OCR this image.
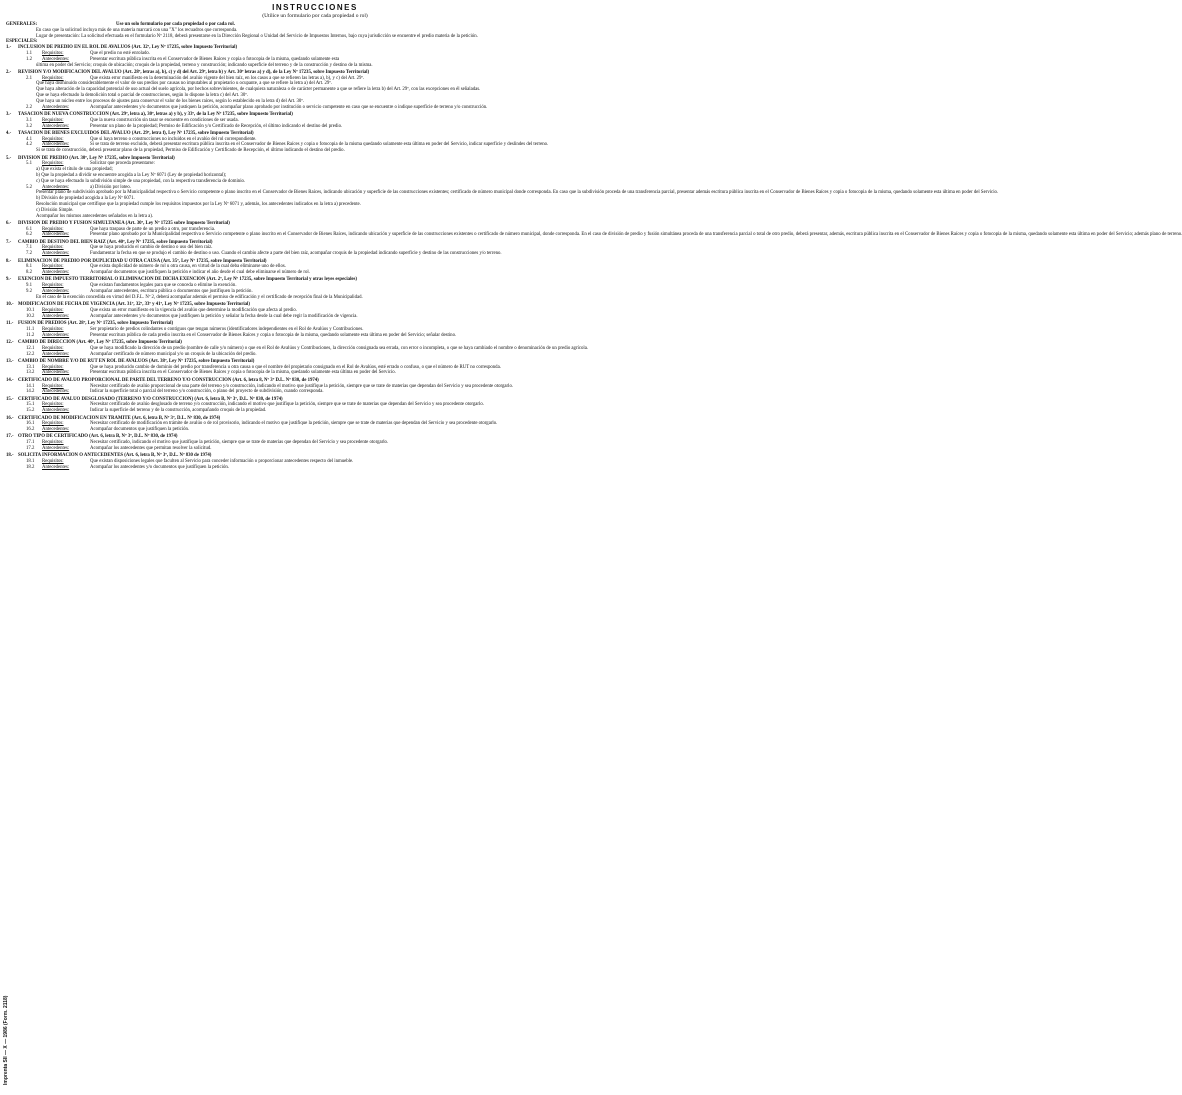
INSTRUCCIONES
(Utilice un formulario por cada propiedad o rol)
GENERALES:	Use un solo formulario por cada propiedad o por cada rol.
En caso que la solicitud incluya más de una materia marcará con una "X" los recuadros que corresponda.
Lugar de presentación: La solicitud efectuada en el formulario Nº 2118, deberá presentarse en la Dirección Regional o Unidad del Servicio de Impuestos Internos, bajo cuya jurisdicción se encuentre el predio materia de la petición.
ESPECIALES:
1.- INCLUSION DE PREDIO EN EL ROL DE AVALUOS (Art. 32º, Ley Nº 17235, sobre Impuesto Territorial)
1.1 Requisitos:	Que el predio no esté enrolado.
1.2 Antecedentes:	Presentar escritura pública inscrita en el Conservador de Bienes Raíces y copia o fotocopia de la misma, quedando solamente esta
última en poder del Servicio; croquis de ubicación; croquis de la propiedad, terreno y construcción; indicando superficie del terreno y de la construcción y destino de la misma.
2.- REVISION Y/O MODIFICACION DEL AVALUO (Art. 28º, letras a), b), c) y d) del Art. 29º, letra b) y Art. 30º letras a) y d), de la Ley Nº 17235, sobre Impuesto Territorial)
2.1 Requisitos:	Que exista error manifiesto en la determinación del avalúo vigente del bien raíz, en los casos a que se refieren las letras a), b), y c) del Art. 29º.
Que haya disminuido considerablemente el valor de sus predios por causas no imputables al propietario u ocupante, a que se refiere la letra a) del Art. 29º.
Que haya alteración de la capacidad potencial de uso actual del suelo agrícola, por hechos sobrevinientes, de cualquiera naturaleza o de carácter permanente a que se refiere la letra b) del Art. 29º, con las excepciones en él señaladas.
Que se haya efectuado la demolición total o parcial de construcciones, según lo dispone la letra c) del Art. 30º.
Que haya un núcleo entre los procesos de ajustes para conservar el valor de los bienes raíces, según lo establecido en la letra d) del Art. 30º.
2.2 Antecedentes:	Acompañar antecedentes y/o documentos que justiquen la petición, acompañar plano aprobado por institución o servicio competente en caso que se encuentre o indique superficie de terreno y/o construcción.
3.- TASACION DE NUEVA CONSTRUCCION (Art. 29º, letra a), 30º, letras a) y b), y 33º, de la Ley Nº 17235, sobre Impuesto Territorial)
3.1 Requisitos:	Que la nueva construcción sin tasar se encuentre en condiciones de ser usada.
3.2 Antecedentes:	Presentar un plano de la propiedad; Permiso de Edificación y/o Certificado de Recepción, el último indicando el destino del predio.
4.- TASACION DE BIENES EXCLUIDOS DEL AVALUO (Art. 29º, letra f), Ley Nº 17235, sobre Impuesto Territorial)
4.1 Requisitos:	Que si haya terreno o construcciones no incluidos en el avalúo del rol correspondiente.
4.2 Antecedentes:	Si se trata de terreno excluido, deberá presentar escritura pública inscrita en el Conservador de Bienes Raíces y copia o fotocopia de la misma quedando solamente esta última en poder del Servicio, indicar superficie y deslindes del terreno.
Si se trata de construcción, deberá presentar plano de la propiedad, Permiso de Edificación y Certificado de Recepción, el último indicando el destino del predio.
5.- DIVISION DE PREDIO (Art. 30º, Ley Nº 17235, sobre Impuesto Territorial)
5.1 Requisitos:	Solicitar que proceda presentarse:
a) Que exista el título de una propiedad;
b) Que la propiedad a dividir se encuentre acogida a la Ley Nº 6071 (Ley de propiedad horizontal);
c) Que se haya efectuado la subdivisión simple de una propiedad, con la respectiva transferencia de dominio.
5.2 Antecedentes:	a) División por loteo.
Presentar plano de subdivisión aprobado por la Municipalidad respectiva o Servicio competente o plano inscrito en el Conservador de Bienes Raíces, indicando ubicación y superficie de las construcciones existentes; certificado de número municipal donde corresponda. En caso que la subdivisión proceda de una transferencia parcial, presentar además escritura pública inscrita en el Conservador de Bienes Raíces y copia o fotocopia de la misma, quedando solamente esta última en poder del Servicio.
b) División de propiedad acogida a la Ley Nº 6071.
Resolución municipal que certifique que la propiedad cumple los requisitos impuestos por la Ley Nº 6071 y, además, los antecedentes indicados en la letra a) precedente.
c) División Simple.
Acompañar los mismos antecedentes señalados en la letra a).
6.- DIVISION DE PREDIO Y FUSION SIMULTANEA (Art. 30º, Ley Nº 17235 sobre Impuesto Territorial)
6.1 Requisitos:	Que haya traspaso de parte de un predio a otro, por transferencia.
6.2 Antecedentes:	Presentar plano aprobado por la Municipalidad respectiva o Servicio competente o plano inscrito en el Conservador de Bienes Raíces, indicando ubicación y superficie de las construcciones existentes o certificado de número municipal, donde corresponda. En el caso de división de predio y fusión simultánea proceda de una transferencia parcial o total de otro predio, deberá presentar, además, escritura pública inscrita en el Conservador de Bienes Raíces y copia o fotocopia de la misma, quedando solamente esta última en poder del Servicio; además plano de terreno.
7.- CAMBIO DE DESTINO DEL BIEN RAIZ (Art. 40º, Ley Nº 17235, sobre Impuesto Territorial)
7.1 Requisitos:	Que se haya producido el cambio de destino o uso del bien raíz.
7.2 Antecedentes:	Fundamentar la fecha en que se produjo el cambio de destino o uso. Cuando el cambio afecte a parte del bien raíz, acompañar croquis de la propiedad indicando superficie y destino de las construcciones y/o terreno.
8.- ELIMINACION DE PREDIO POR DUPLICIDAD U OTRA CAUSA (Art. 35º, Ley Nº 17235, sobre Impuesto Territorial)
8.1 Requisitos:	Que exista duplicidad de número de rol u otra causa, en virtud de la cual deba eliminarse uno de ellos.
8.2 Antecedentes:	Acompañar documentos que justifiquen la petición e indicar el año desde el cual debe eliminarse el número de rol.
9.- EXENCION DE IMPUESTO TERRITORIAL O ELIMINACION DE DICHA EXENCION (Art. 2º, Ley Nº 17235, sobre Impuesto Territorial y otras leyes especiales)
9.1 Requisitos:	Que existan fundamentos legales para que se conceda o elimine la exención.
9.2 Antecedentes:	Acompañar antecedentes, escritura pública o documentos que justifiquen la petición.
En el caso de la exención concedida en virtud del D.F.L. Nº 2, deberá acompañar además el permiso de edificación y el certificado de recepción final de la Municipalidad.
10.- MODIFICACION DE FECHA DE VIGENCIA (Art. 31º, 32º, 33º y 41º, Ley Nº 17235, sobre Impuesto Territorial)
10.1 Requisitos:	Que exista un error manifiesto en la vigencia del avalúo que determine la modificación que afecta al predio.
10.2 Antecedentes:	Acompañar antecedentes y/o documentos que justifiquen la petición y señalar la fecha desde la cual debe regir la modificación de vigencia.
11.- FUSION DE PREDIOS (Art. 28º, Ley Nº 17235, sobre Impuesto Territorial)
11.1 Requisitos:	Ser propietario de predios colindantes o contiguos que tengan números (identificadores independientes en el Rol de Avalúos y Contribuciones.
11.2 Antecedentes:	Presentar escritura pública de cada predio inscrita en el Conservador de Bienes Raíces y copia o fotocopia de la misma, quedando solamente esta última en poder del Servicio; señalar destino.
12.- CAMBIO DE DIRECCION (Art. 40º, Ley Nº 17235, sobre Impuesto Territorial)
12.1 Requisitos:	Que se haya modificado la dirección de un predio (nombre de calle y/o número) o que en el Rol de Avalúos y Contribuciones, la dirección consignada sea errada, con error o incompleta, o que se haya cambiado el nombre o denominación de un predio agrícola.
12.2 Antecedentes:	Acompañar certificado de número municipal y/o un croquis de la ubicación del predio.
13.- CAMBIO DE NOMBRE Y/O DE RUT EN ROL DE AVALUOS (Art. 38º, Ley Nº 17235, sobre Impuesto Territorial)
13.1 Requisitos:	Que se haya producido cambio de dominio del predio por transferencia u otra causa o que el nombre del propietario consignado en el Rol de Avalúos, esté errado o confuso, o que el número de RUT no corresponda.
13.2 Antecedentes:	Presentar escritura pública inscrita en el Conservador de Bienes Raíces y copia o fotocopia de la misma, quedando solamente esta última en poder del Servicio.
14.- CERTIFICADO DE AVALUO PROPORCIONAL DE PARTE DEL TERRENO Y/O CONSTRUCCION (Art. 6, letra 8, Nº 3º D.L. Nº 830, de 1974)
14.1 Requisitos:	Necesitar certificado de avalúo proporcional de una parte del terreno y/o construcción, indicando el motivo que justifique la petición, siempre que se trate de materias que dependan del Servicio y sea procedente otorgarlo.
14.2 Antecedentes:	Indicar la superficie total o parcial del terreno y/o construcción, o plano del proyecto de subdivisión, cuando corresponda.
15.- CERTIFICADO DE AVALUO DESGLOSADO (TERRENO Y/O CONSTRUCCION) (Art. 6, letra B, Nº 3º, D.L. Nº 830, de 1974)
15.1 Requisitos:	Necesitar certificado de avalúo desglosado de terreno y/o construcción, indicando el motivo que justifique la petición, siempre que se trate de materias que dependan del Servicio y sea procedente otorgarlo.
15.2 Antecedentes:	Indicar la superficie del terreno y de la construcción, acompañando croquis de la propiedad.
16.- CERTIFICADO DE MODIFICACION EN TRAMITE (Art. 6, letra B, Nº 3º, D.L. Nº 830, de 1974)
16.1 Requisitos:	Necesitar certificado de modificación en trámite de avalúo o de rol provisorio, indicando el motivo que justifique la petición, siempre que se trate de materias que dependan del Servicio y sea procedente otorgarlo.
16.2 Antecedentes:	Acompañar documentos que justifiquen la petición.
17.- OTRO TIPO DE CERTIFICADO (Art. 6, letra B, Nº 3º, D.L. Nº 830, de 1974)
17.1 Requisitos:	Necesitar certificado, indicando el motivo que justifique la petición, siempre que se trate de materias que dependan del Servicio y sea procedente otorgarlo.
17.2 Antecedentes:	Acompañar los antecedentes que permitan resolver la solicitud.
18.- SOLICITA INFORMACION O ANTECEDENTES (Art. 6, letra B, Nº 3º, D.L. Nº 830 de 1974)
18.1 Requisitos:	Que existan disposiciones legales que faculten al Servicio para conceder información o proporcionar antecedentes respecto del inmueble.
18.2 Antecedentes:	Acompañar los antecedentes y/o documentos que justifiquen la petición.
Imprenta SII — X — 1986 (Form. 2118)
